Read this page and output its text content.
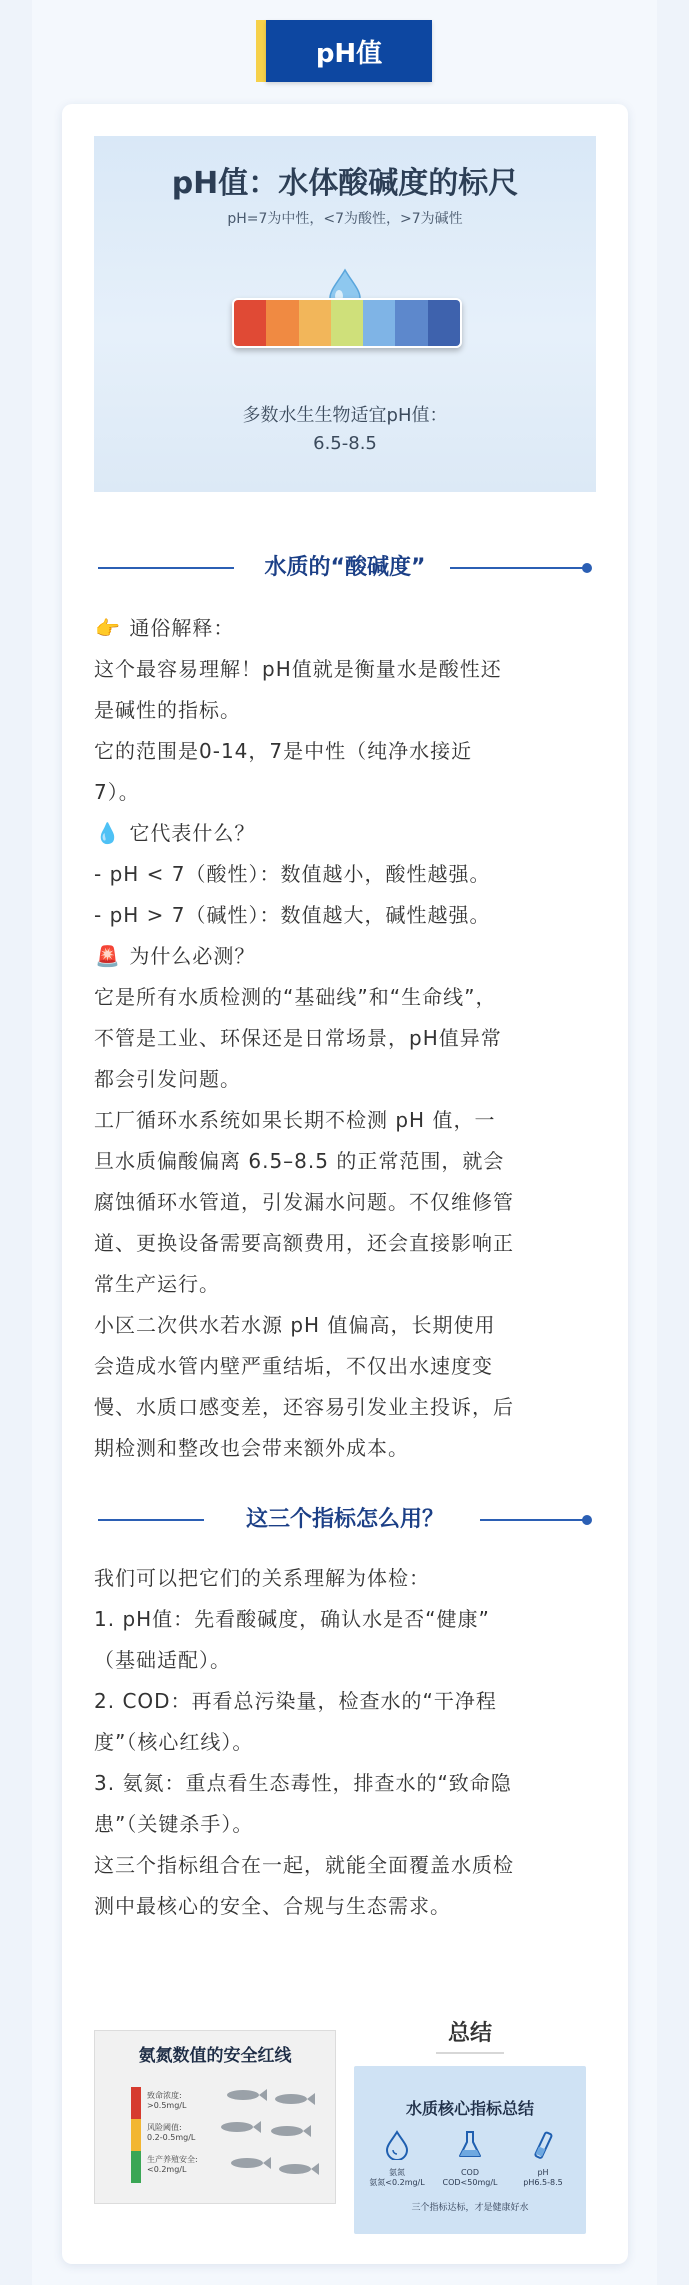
pH值
pH值：水体酸碱度的标尺
pH=7为中性，<7为酸性，>7为碱性
多数水生生物适宜pH值：
6.5-8.5
水质的“酸碱度”

👉 通俗解释：

这个最容易理解！pH值就是衡量水是酸性还

是碱性的指标。

它的范围是0-14，7是中性（纯净水接近

7）。

💧 它代表什么？

- pH < 7（酸性）：数值越小，酸性越强。

- pH > 7（碱性）：数值越大，碱性越强。

🚨 为什么必测？

它是所有水质检测的“基础线”和“生命线”，

不管是工业、环保还是日常场景，pH值异常

都会引发问题。

工厂循环水系统如果长期不检测 pH 值，一

旦水质偏酸偏离 6.5–8.5 的正常范围，就会

腐蚀循环水管道，引发漏水问题。不仅维修管

道、更换设备需要高额费用，还会直接影响正

常生产运行。

小区二次供水若水源 pH 值偏高，长期使用

会造成水管内壁严重结垢，不仅出水速度变

慢、水质口感变差，还容易引发业主投诉，后

期检测和整改也会带来额外成本。

这三个指标怎么用？

我们可以把它们的关系理解为体检：

1. pH值：先看酸碱度，确认水是否“健康”

（基础适配）。

2. COD：再看总污染量，检查水的“干净程

度”（核心红线）。

3. 氨氮：重点看生态毒性，排查水的“致命隐

患”（关键杀手）。

这三个指标组合在一起，就能全面覆盖水质检

测中最核心的安全、合规与生态需求。

氨氮数值的安全红线
致命浓度:
>0.5mg/L
风险阈值:
0.2-0.5mg/L
生产养殖安全:
<0.2mg/L
总结
水质核心指标总结
氨氮
氨氮<0.2mg/L
COD
COD<50mg/L
pH
pH6.5-8.5
三个指标达标，才是健康好水
